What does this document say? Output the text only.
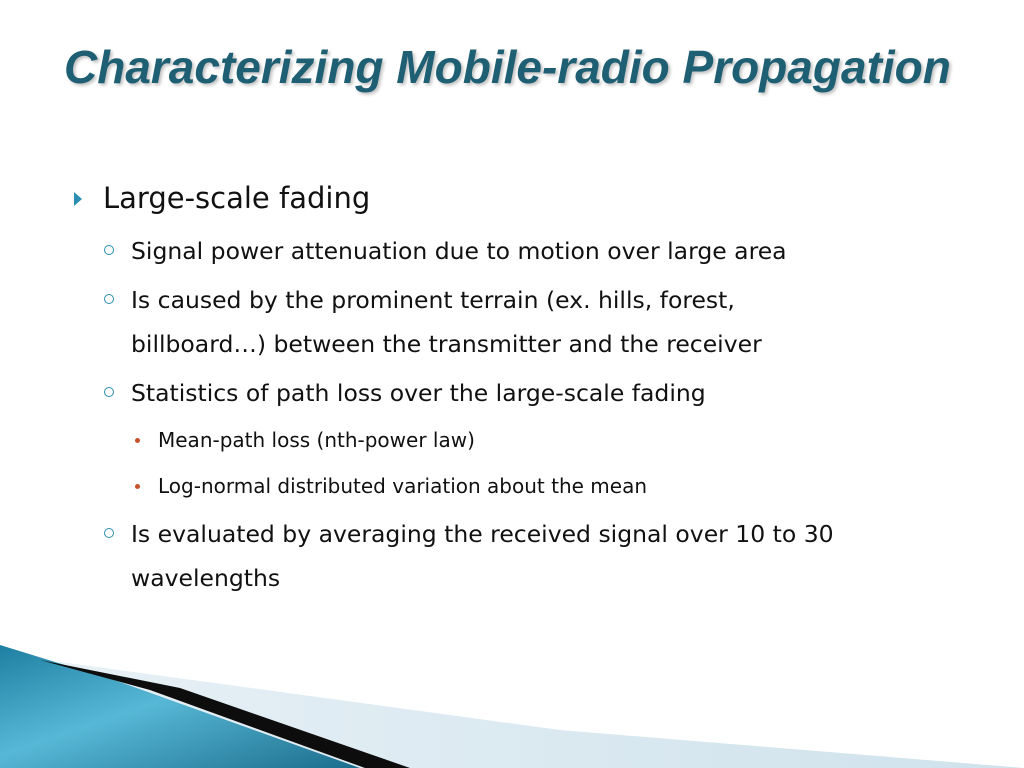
Characterizing Mobile-radio Propagation
Large-scale fading
Signal power attenuation due to motion over large area
Is caused by the prominent terrain (ex. hills, forest,
billboard…) between the transmitter and the receiver
Statistics of path loss over the large-scale fading
Mean-path loss (nth-power law)
Log-normal distributed variation about the mean
Is evaluated by averaging the received signal over 10 to 30
wavelengths
